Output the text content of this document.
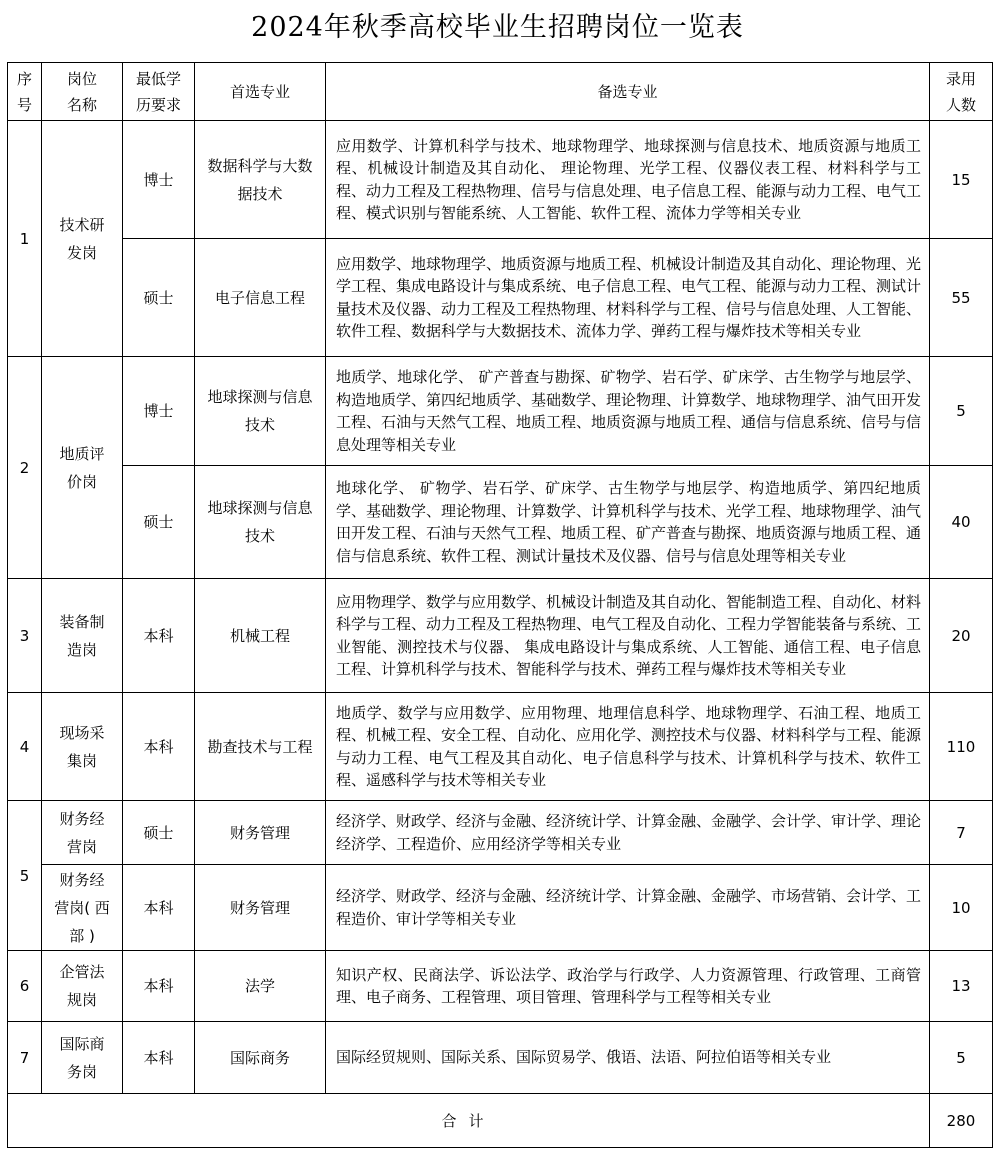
2024年秋季高校毕业生招聘岗位一览表
序号	岗位名称	最低学历要求	首选专业	备选专业	录用人数

1	技术研发岗	博士	数据科学与大数据技术	应用数学、计算机科学与技术、地球物理学、地球探测与信息技术、地质资源与地质工程、机械设计制造及其自动化、 理论物理、光学工程、仪器仪表工程、材料科学与工程、动力工程及工程热物理、信号与信息处理、电子信息工程、能源与动力工程、电气工程、模式识别与智能系统、人工智能、软件工程、流体力学等相关专业	15
		硕士	电子信息工程	应用数学、地球物理学、地质资源与地质工程、机械设计制造及其自动化、理论物理、光学工程、集成电路设计与集成系统、电子信息工程、电气工程、能源与动力工程、测试计量技术及仪器、动力工程及工程热物理、材料科学与工程、信号与信息处理、人工智能、软件工程、数据科学与大数据技术、流体力学、弹药工程与爆炸技术等相关专业	55
2	地质评价岗	博士	地球探测与信息技术	地质学、地球化学、 矿产普查与勘探、矿物学、岩石学、矿床学、古生物学与地层学、构造地质学、第四纪地质学、基础数学、理论物理、计算数学、地球物理学、油气田开发工程、石油与天然气工程、地质工程、地质资源与地质工程、通信与信息系统、信号与信息处理等相关专业	5
		硕士	地球探测与信息技术	地球化学、 矿物学、岩石学、矿床学、古生物学与地层学、构造地质学、第四纪地质学、基础数学、理论物理、计算数学、计算机科学与技术、光学工程、地球物理学、油气田开发工程、石油与天然气工程、地质工程、矿产普查与勘探、地质资源与地质工程、通信与信息系统、软件工程、测试计量技术及仪器、信号与信息处理等相关专业	40
3	装备制造岗	本科	机械工程	应用物理学、数学与应用数学、机械设计制造及其自动化、智能制造工程、自动化、材料科学与工程、动力工程及工程热物理、电气工程及自动化、工程力学智能装备与系统、工业智能、测控技术与仪器、 集成电路设计与集成系统、人工智能、通信工程、电子信息工程、计算机科学与技术、智能科学与技术、弹药工程与爆炸技术等相关专业	20
4	现场采集岗	本科	勘查技术与工程	地质学、数学与应用数学、应用物理、地理信息科学、地球物理学、石油工程、地质工程、机械工程、安全工程、自动化、应用化学、测控技术与仪器、材料科学与工程、能源与动力工程、电气工程及其自动化、电子信息科学与技术、计算机科学与技术、软件工程、遥感科学与技术等相关专业	110
5	财务经营岗	硕士	财务管理	经济学、财政学、经济与金融、经济统计学、计算金融、金融学、会计学、审计学、理论经济学、工程造价、应用经济学等相关专业	7

	财务经营岗( 西部 )	本科	财务管理	经济学、财政学、经济与金融、经济统计学、计算金融、金融学、市场营销、会计学、工程造价、审计学等相关专业	10
6	企管法规岗	本科	法学	知识产权、民商法学、诉讼法学、政治学与行政学、人力资源管理、行政管理、工商管理、电子商务、工程管理、项目管理、管理科学与工程等相关专业	13
7	国际商务岗	本科	国际商务	国际经贸规则、国际关系、国际贸易学、俄语、法语、阿拉伯语等相关专业	5
合计					280
